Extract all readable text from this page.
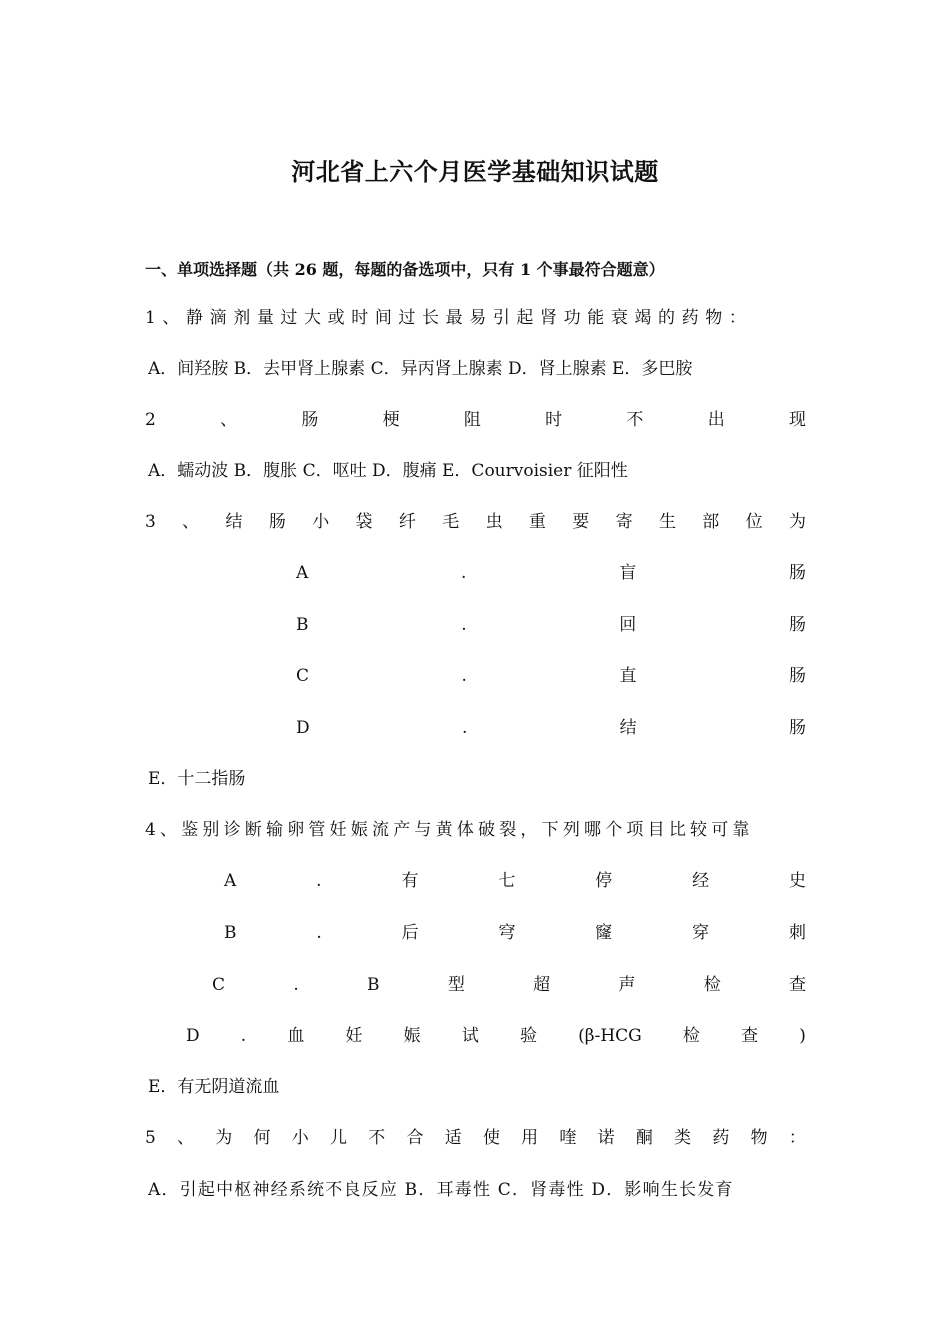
河北省上六个月医学基础知识试题
一、单项选择题（共 26 题，每题的备选项中，只有 1 个事最符合题意）
1、静滴剂量过大或时间过长最易引起肾功能衰竭的药物：
A．间羟胺 B．去甲肾上腺素 C．异丙肾上腺素 D．肾上腺素 E．多巴胺
2	、	肠	梗	阻	时	不	出	现
A．蠕动波 B．腹胀 C．呕吐 D．腹痛 E．Courvoisier 征阳性
3 、 结 肠 小 袋 纤 毛 虫 重 要 寄 生 部 位 为
A	.	盲	肠
B	.	回	肠
C	.	直	肠
D	.	结	肠
E．十二指肠
4、鉴别诊断输卵管妊娠流产与黄体破裂，下列哪个项目比较可靠
A	.	有	七	停	经	史
B	.	后	穹	窿	穿	刺
C	.	B	型	超	声	检	查
D . 血 妊 娠 试 验 (β-HCG 检 查 )
E．有无阴道流血
5 、 为 何 小 儿 不 合 适 使 用 喹 诺 酮 类 药 物 ：
A．引起中枢神经系统不良反应 B．耳毒性 C．肾毒性 D．影响生长发育
